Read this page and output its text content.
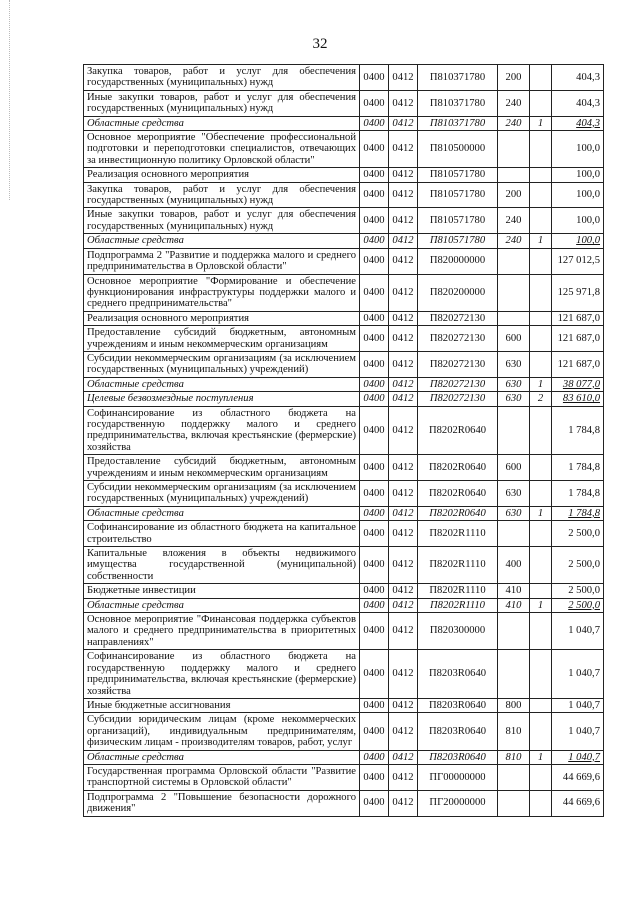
32
Закупка товаров, работ и услуг для обеспечения государственных (муниципальных) нужд	0400	0412	П810371780	200		404,3
Иные закупки товаров, работ и услуг для обеспечения государственных (муниципальных) нужд	0400	0412	П810371780	240		404,3
Областные средства	0400	0412	П810371780	240	1	404,3
Основное мероприятие "Обеспечение профессиональной подготовки и переподготовки специалистов, отвечающих за инвестиционную политику Орловской области"	0400	0412	П810500000			100,0
Реализация основного мероприятия	0400	0412	П810571780			100,0
Закупка товаров, работ и услуг для обеспечения государственных (муниципальных) нужд	0400	0412	П810571780	200		100,0
Иные закупки товаров, работ и услуг для обеспечения государственных (муниципальных) нужд	0400	0412	П810571780	240		100,0
Областные средства	0400	0412	П810571780	240	1	100,0
Подпрограмма 2 "Развитие и поддержка малого и среднего предпринимательства в Орловской области"	0400	0412	П820000000			127 012,5
Основное мероприятие "Формирование и обеспечение функционирования инфраструктуры поддержки малого и среднего предпринимательства"	0400	0412	П820200000			125 971,8
Реализация основного мероприятия	0400	0412	П820272130			121 687,0
Предоставление субсидий бюджетным, автономным учреждениям и иным некоммерческим организациям	0400	0412	П820272130	600		121 687,0
Субсидии некоммерческим организациям (за исключением государственных (муниципальных) учреждений)	0400	0412	П820272130	630		121 687,0
Областные средства	0400	0412	П820272130	630	1	38 077,0
Целевые безвозмездные поступления	0400	0412	П820272130	630	2	83 610,0
Софинансирование из областного бюджета на государственную поддержку малого и среднего предпринимательства, включая крестьянские (фермерские) хозяйства	0400	0412	П8202R0640			1 784,8
Предоставление субсидий бюджетным, автономным учреждениям и иным некоммерческим организациям	0400	0412	П8202R0640	600		1 784,8
Субсидии некоммерческим организациям (за исключением государственных (муниципальных) учреждений)	0400	0412	П8202R0640	630		1 784,8
Областные средства	0400	0412	П8202R0640	630	1	1 784,8
Софинансирование из областного бюджета на капитальное строительство	0400	0412	П8202R1110			2 500,0
Капитальные вложения в объекты недвижимого имущества государственной (муниципальной) собственности	0400	0412	П8202R1110	400		2 500,0
Бюджетные инвестиции	0400	0412	П8202R1110	410		2 500,0
Областные средства	0400	0412	П8202R1110	410	1	2 500,0
Основное мероприятие "Финансовая поддержка субъектов малого и среднего предпринимательства в приоритетных направлениях"	0400	0412	П820300000			1 040,7
Софинансирование из областного бюджета на государственную поддержку малого и среднего предпринимательства, включая крестьянские (фермерские) хозяйства	0400	0412	П8203R0640			1 040,7
Иные бюджетные ассигнования	0400	0412	П8203R0640	800		1 040,7
Субсидии юридическим лицам (кроме некоммерческих организаций), индивидуальным предпринимателям, физическим лицам - производителям товаров, работ, услуг	0400	0412	П8203R0640	810		1 040,7
Областные средства	0400	0412	П8203R0640	810	1	1 040,7
Государственная программа Орловской области "Развитие транспортной системы в Орловской области"	0400	0412	ПГ00000000			44 669,6
Подпрограмма 2 "Повышение безопасности дорожного движения"	0400	0412	ПГ20000000			44 669,6
